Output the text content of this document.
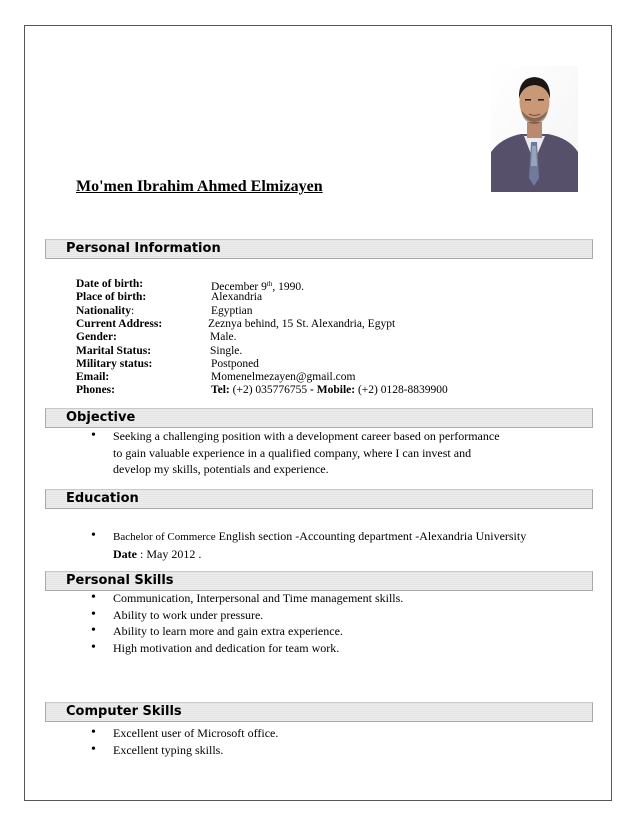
Mo'men Ibrahim Ahmed Elmizayen
Personal Information
Date of birth:	December 9th, 1990.
Place of birth:	Alexandria
Nationality:	Egyptian
Current Address:	Zeznya behind, 15 St. Alexandria, Egypt
Gender:	Male.
Marital Status:	Single.
Military status:	Postponed
Email:	Momenelmezayen@gmail.com
Phones:	Tel: (+2) 035776755 - Mobile: (+2) 0128-8839900
Objective
• Seeking a challenging position with a development career based on performance
to gain valuable experience in a qualified company, where I can invest and
develop my skills, potentials and experience.
Education
• Bachelor of Commerce English section -Accounting department -Alexandria University
Date : May 2012 .
Personal Skills
• Communication, Interpersonal and Time management skills.
• Ability to work under pressure.
• Ability to learn more and gain extra experience.
• High motivation and dedication for team work.
Computer Skills
• Excellent user of Microsoft office.
• Excellent typing skills.
